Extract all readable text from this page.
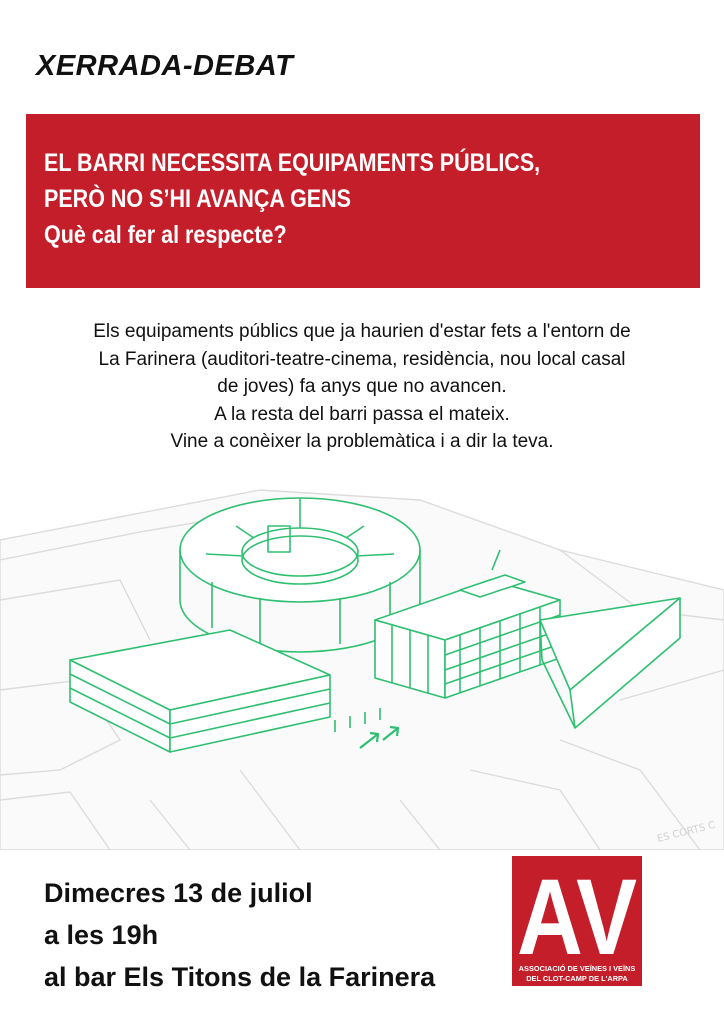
XERRADA-DEBAT
EL BARRI NECESSITA EQUIPAMENTS PÚBLICS,
PERÒ NO S’HI AVANÇA GENS
Què cal fer al respecte?
Els equipaments públics que ja haurien d'estar fets a l'entorn de
La Farinera (auditori-teatre-cinema, residència, nou local casal
de joves) fa anys que no avancen.
A la resta del barri passa el mateix.
Vine a conèixer la problemàtica i a dir la teva.
ES CORTS C
Dimecres 13 de juliol
a les 19h
al bar Els Titons de la Farinera AV
ASSOCIACIÓ DE VEÏNES I VEÏNS
DEL CLOT-CAMP DE L'ARPA
